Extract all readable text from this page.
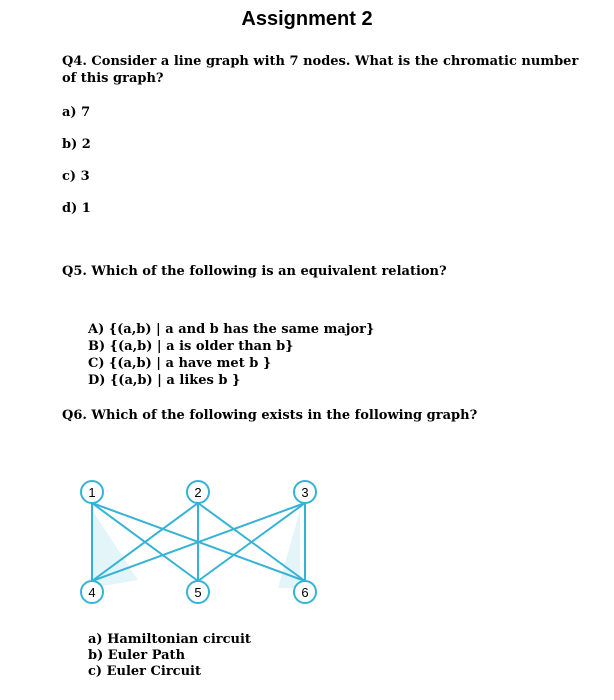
Assignment 2
Q4. Consider a line graph with 7 nodes. What is the chromatic number of this graph?
a) 7
b) 2
c) 3
d) 1
Q5. Which of the following is an equivalent relation?
A) {(a,b) | a and b has the same major}
B) {(a,b) | a is older than b}
C) {(a,b) | a have met b }
D) {(a,b) | a likes b }
Q6. Which of the following exists in the following graph?
1	2	3
4	5	6
a) Hamiltonian circuit
b) Euler Path
c) Euler Circuit
